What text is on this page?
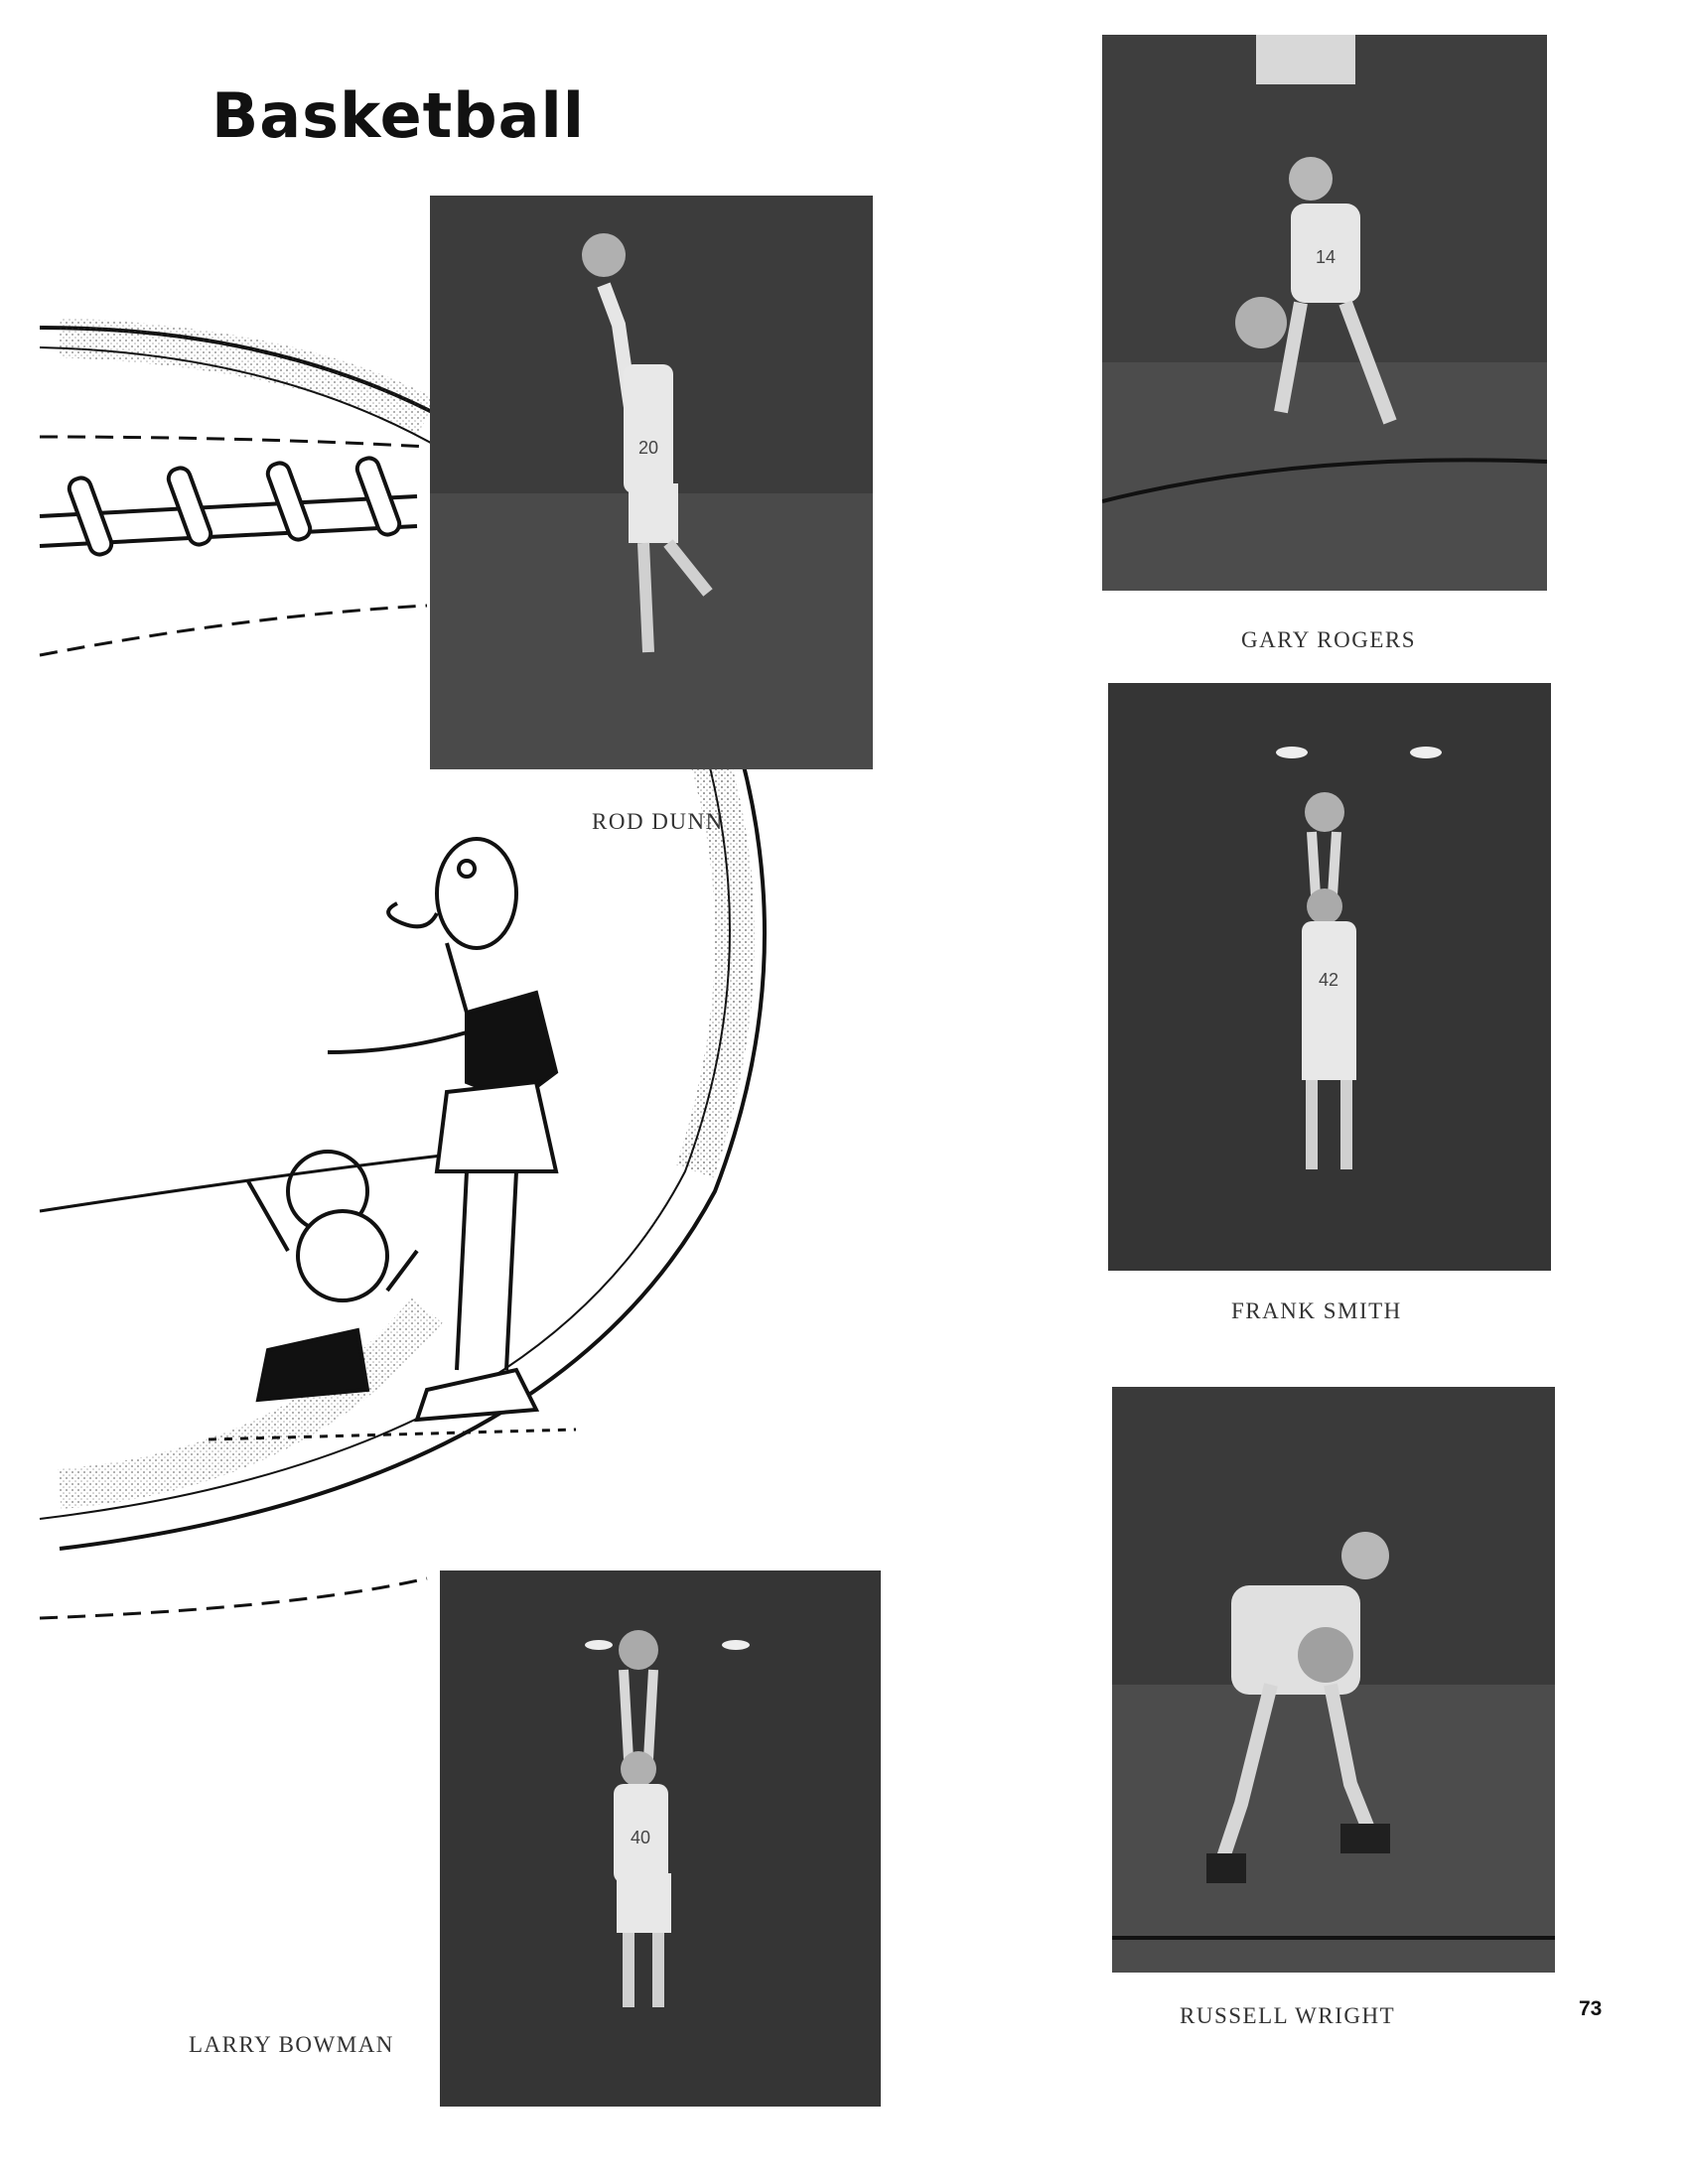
Basketball
20
ROD DUNN
14
GARY ROGERS
42
FRANK SMITH
40
LARRY BOWMAN
RUSSELL WRIGHT	73
